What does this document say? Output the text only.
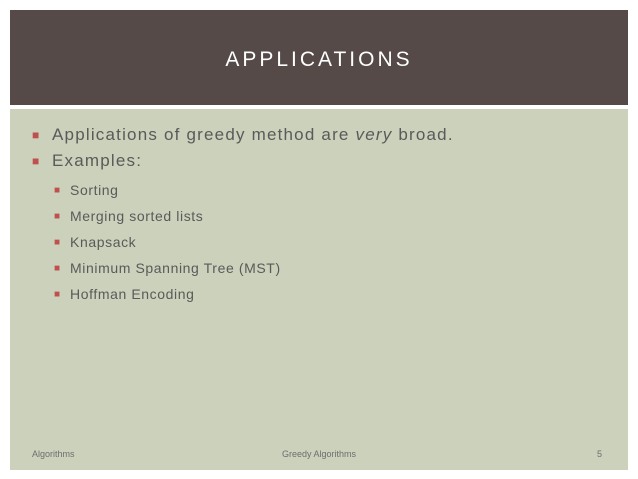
APPLICATIONS
■ Applications of greedy method are very broad.
■ Examples:
■ Sorting
■ Merging sorted lists
■ Knapsack
■ Minimum Spanning Tree (MST)
■ Hoffman Encoding
Algorithms	Greedy Algorithms	5
